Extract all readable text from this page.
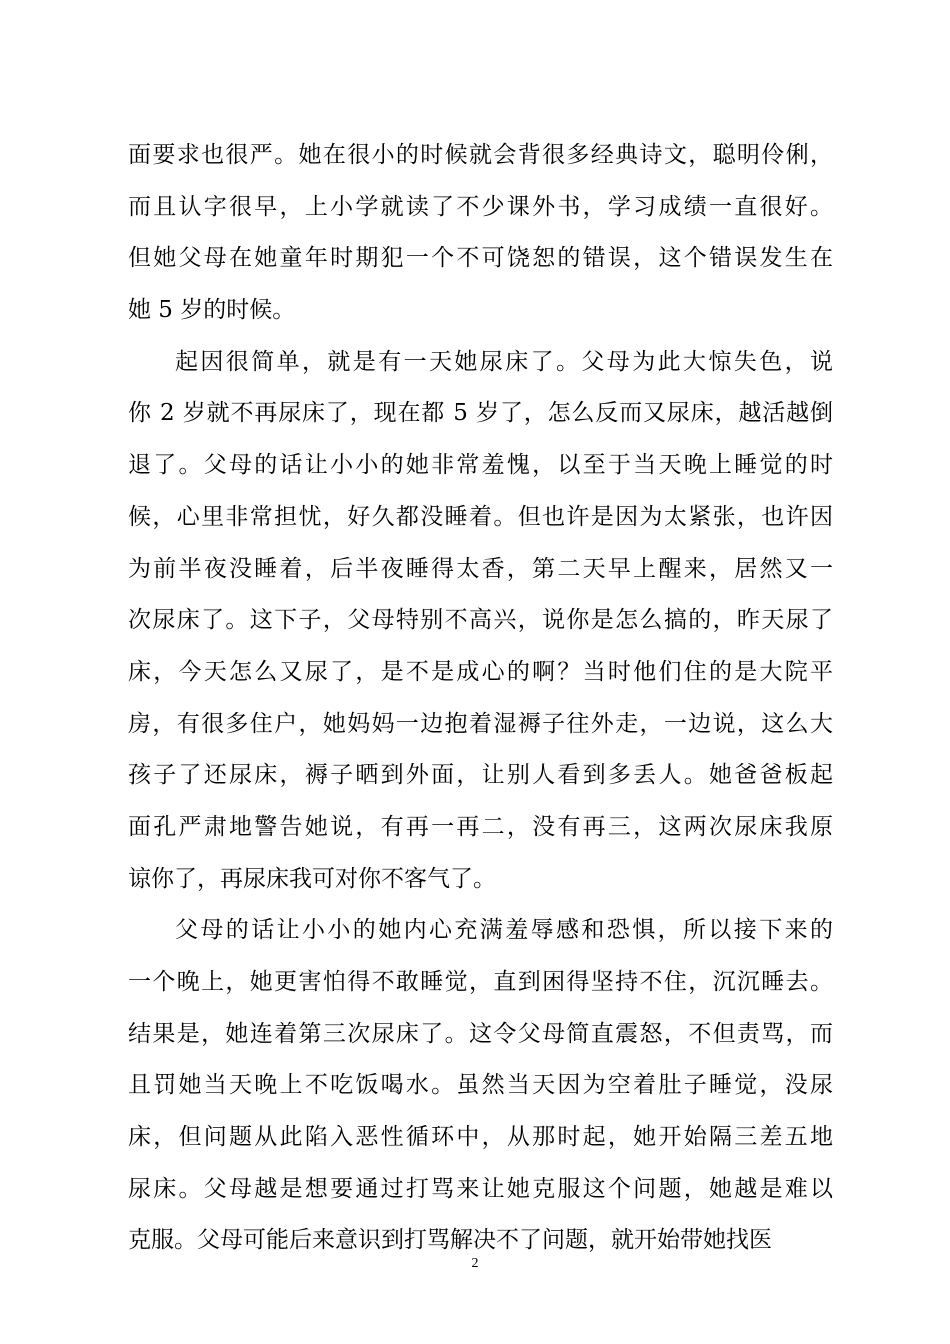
面要求也很严。她在很小的时候就会背很多经典诗文，聪明伶俐，
而且认字很早，上小学就读了不少课外书，学习成绩一直很好。
但她父母在她童年时期犯一个不可饶恕的错误，这个错误发生在
她 5 岁的时候。
起因很简单，就是有一天她尿床了。父母为此大惊失色，说
你 2 岁就不再尿床了，现在都 5 岁了，怎么反而又尿床，越活越倒
退了。父母的话让小小的她非常羞愧，以至于当天晚上睡觉的时
候，心里非常担忧，好久都没睡着。但也许是因为太紧张，也许因
为前半夜没睡着，后半夜睡得太香，第二天早上醒来，居然又一
次尿床了。这下子，父母特别不高兴，说你是怎么搞的，昨天尿了
床，今天怎么又尿了，是不是成心的啊？当时他们住的是大院平
房，有很多住户，她妈妈一边抱着湿褥子往外走，一边说，这么大
孩子了还尿床，褥子晒到外面，让别人看到多丢人。她爸爸板起
面孔严肃地警告她说，有再一再二，没有再三，这两次尿床我原
谅你了，再尿床我可对你不客气了。
父母的话让小小的她内心充满羞辱感和恐惧，所以接下来的
一个晚上，她更害怕得不敢睡觉，直到困得坚持不住，沉沉睡去。
结果是，她连着第三次尿床了。这令父母简直震怒，不但责骂，而
且罚她当天晚上不吃饭喝水。虽然当天因为空着肚子睡觉，没尿
床，但问题从此陷入恶性循环中，从那时起，她开始隔三差五地
尿床。父母越是想要通过打骂来让她克服这个问题，她越是难以
克服。父母可能后来意识到打骂解决不了问题，就开始带她找医
2
